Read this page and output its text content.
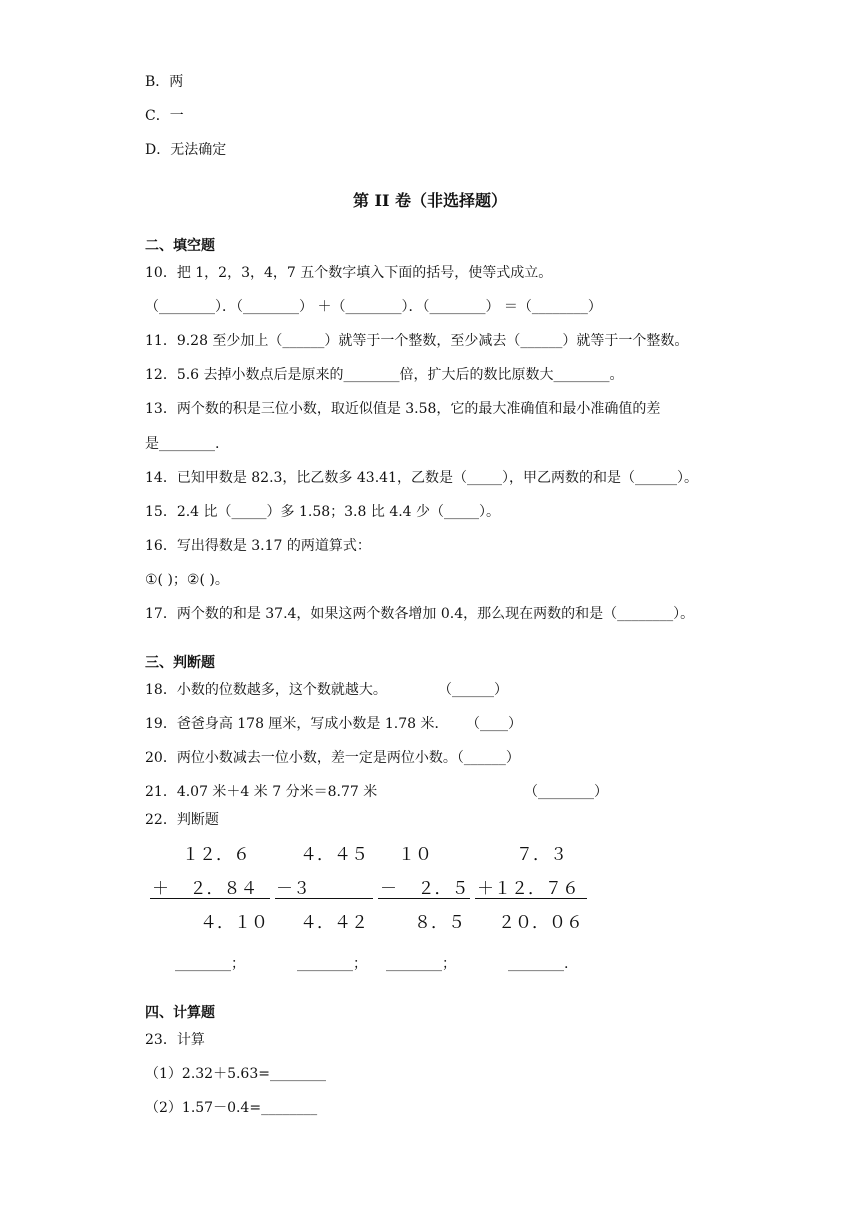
B．两
C．一
D．无法确定
第 II 卷（非选择题）
二、填空题
10．把 1，2，3，4，7 五个数字填入下面的括号，使等式成立。
（________）．（________） ＋（________）．（________） ＝（________）
11．9.28 至少加上（______）就等于一个整数，至少减去（______）就等于一个整数。
12．5.6 去掉小数点后是原来的________倍，扩大后的数比原数大________。
13．两个数的积是三位小数，取近似值是 3.58，它的最大准确值和最小准确值的差
是________.
14．已知甲数是 82.3，比乙数多 43.41，乙数是（_____），甲乙两数的和是（______）。
15．2.4 比（_____）多 1.58；3.8 比 4.4 少（_____）。
16．写出得数是 3.17 的两道算式：
①( )；②( )。
17．两个数的和是 37.4，如果这两个数各增加 0.4，那么现在两数的和是（________）。
三、判断题
18．小数的位数越多，这个数就越大。	（______）
19．爸爸身高 178 厘米，写成小数是 1.78 米． （____）
20．两位小数减去一位小数，差一定是两位小数。（______）
21．4.07 米＋4 米 7 分米＝8.77 米	（________）
22．判断题
１２．６
＋  ２．８４
４．１０
________；
４．４５
－３
４．４２
________；
１０
－  ２．５
８．５
________；
７．３
＋１２．７６
２０．０６
________.
四、计算题
23．计算
（1）2.32＋5.63=________
（2）1.57－0.4=________
